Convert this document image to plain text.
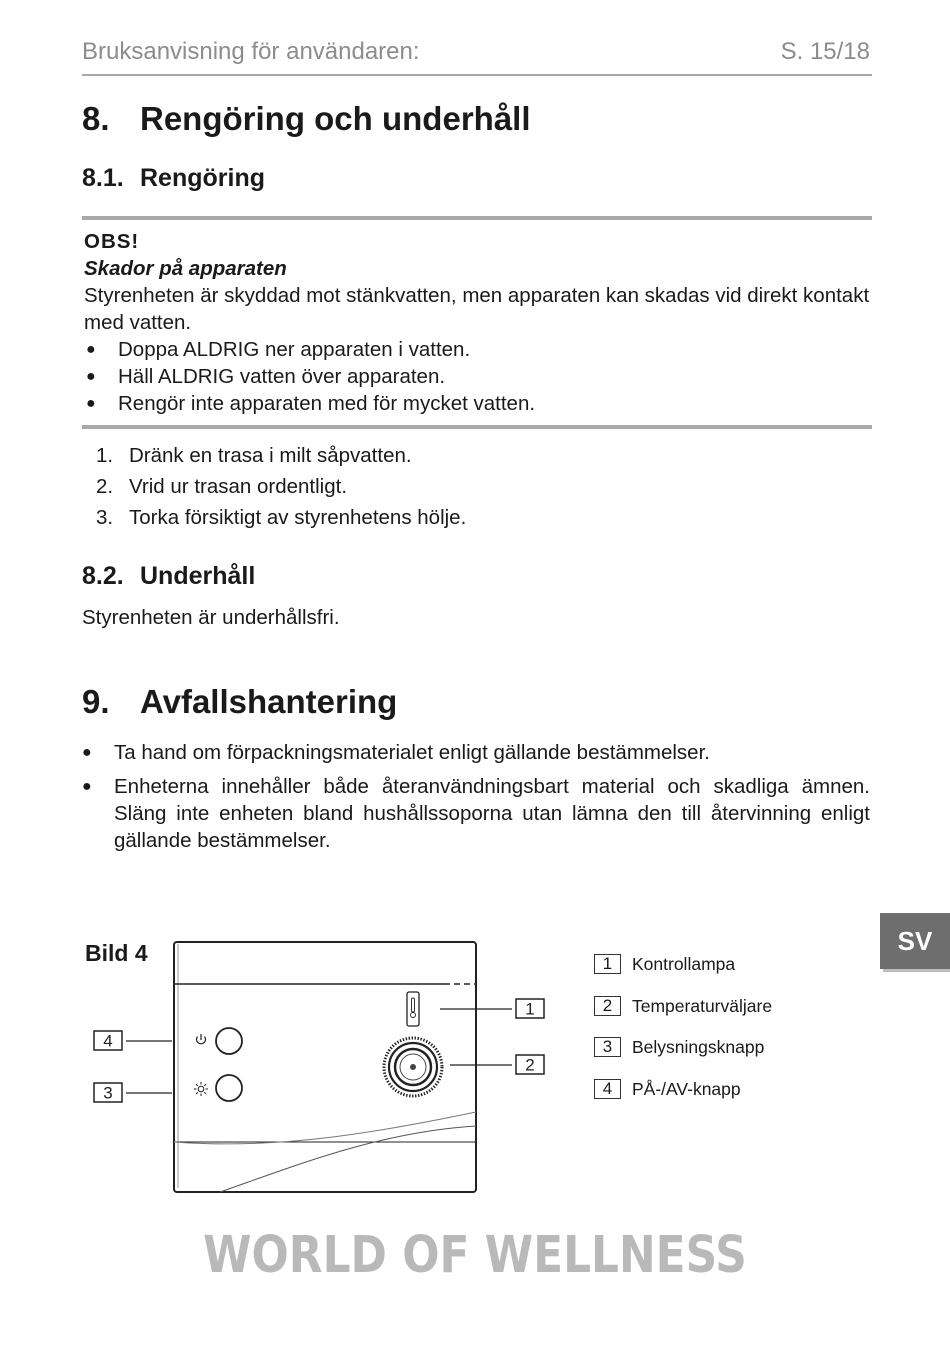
Bruksanvisning för användaren:	S. 15/18
8. Rengöring och underhåll
8.1. Rengöring
OBS!
Skador på apparaten
Styrenheten är skyddad mot stänkvatten, men apparaten kan skadas vid direkt kontakt med vatten.
● Doppa ALDRIG ner apparaten i vatten.
● Häll ALDRIG vatten över apparaten.
● Rengör inte apparaten med för mycket vatten.
1. Dränk en trasa i milt såpvatten.
2. Vrid ur trasan ordentligt.
3. Torka försiktigt av styrenhetens hölje.
8.2. Underhåll
Styrenheten är underhållsfri.
9. Avfallshantering
● Ta hand om förpackningsmaterialet enligt gällande bestämmelser.
● Enheterna innehåller både återanvändningsbart material och skadliga ämnen. Släng inte enheten bland hushållssoporna utan lämna den till återvinning enligt gällande bestämmelser.
SV
Bild 4
4
3
1
2
1	Kontrollampa
2	Temperaturväljare
3	Belysningsknapp
4	PÅ-/AV-knapp
WORLD OF WELLNESS
